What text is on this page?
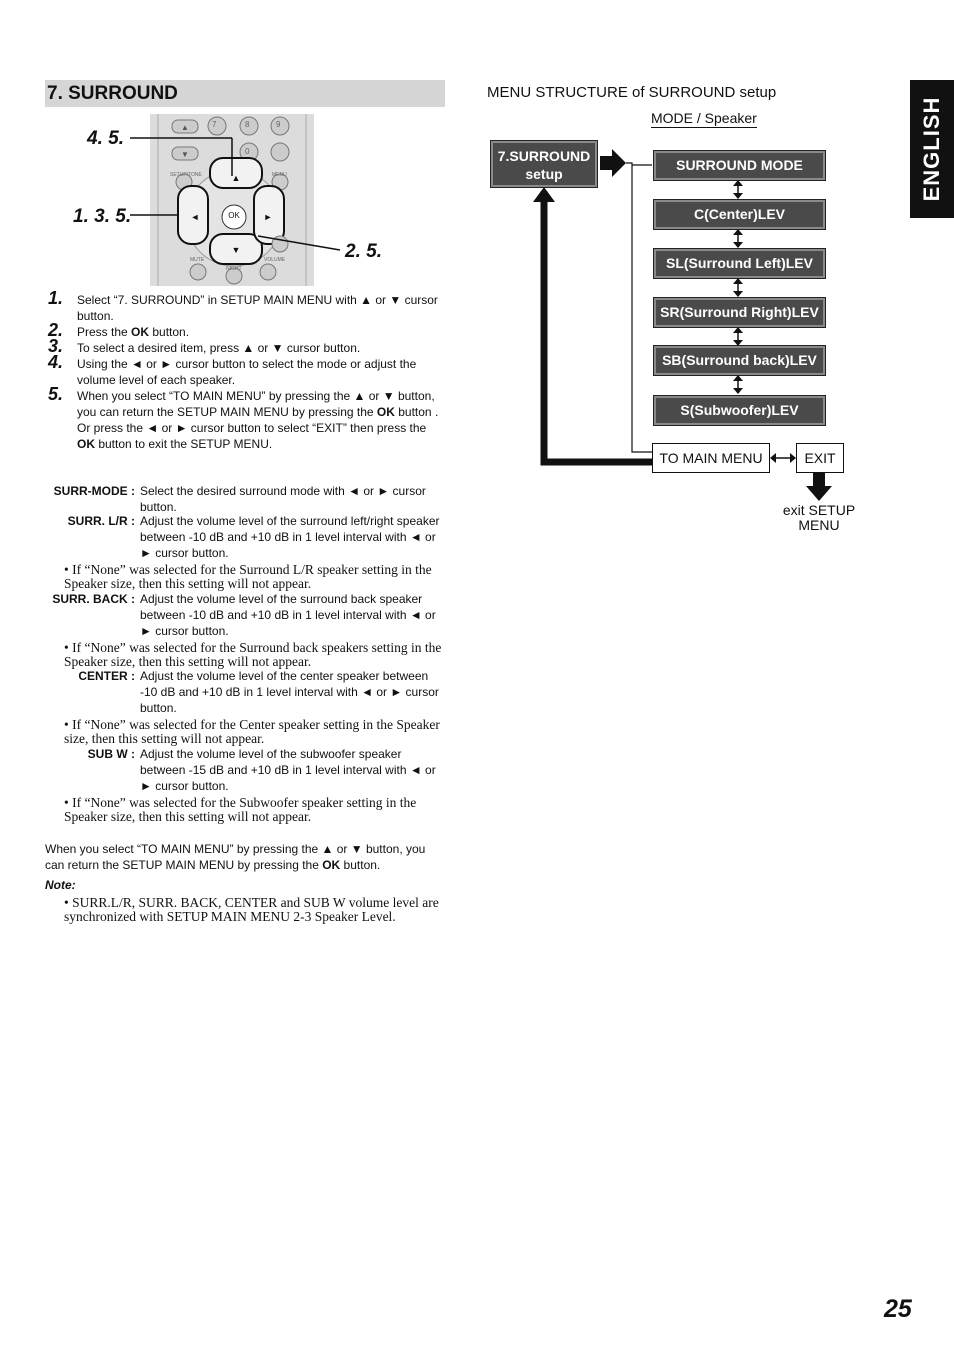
7. SURROUND
ENGLISH
▲
▼
▲
▼
◄	►
OK
7	8	9
0
SETUP/TONE	MENU
MUTE
NIGHT
VOLUME
4. 5.
1. 3. 5.
2. 5.
1. Select “7. SURROUND” in SETUP MAIN MENU with ▲ or ▼ cursor button.
2. Press the OK button.
3. To select a desired item, press ▲ or ▼ cursor button.
4. Using the ◄ or ► cursor button to select the mode or adjust the volume level of each speaker.
5. When you select “TO MAIN MENU” by pressing the ▲ or ▼ button, you can return the SETUP MAIN MENU by pressing the OK button .
Or press the ◄ or ► cursor button to select “EXIT” then press the OK button to exit the SETUP MENU.
SURR-MODE : Select the desired surround mode with ◄ or ► cursor button.
SURR. L/R : Adjust the volume level of the surround left/right speaker between -10 dB and +10 dB in 1 level interval with ◄ or ► cursor button.
• If “None” was selected for the Surround L/R speaker setting in the Speaker size, then this setting will not appear.
SURR. BACK : Adjust the volume level of the surround back speaker between -10 dB and +10 dB in 1 level interval with ◄ or ► cursor button.
• If “None” was selected for the Surround back speakers setting in the Speaker size, then this setting will not appear.
CENTER : Adjust the volume level of the center speaker between -10 dB and +10 dB in 1 level interval with ◄ or ► cursor button.
• If “None” was selected for the Center speaker setting in the Speaker size, then this setting will not appear.
SUB W : Adjust the volume level of the subwoofer speaker between -15 dB and +10 dB in 1 level interval with ◄ or ► cursor button.
• If “None” was selected for the Subwoofer speaker setting in the Speaker size, then this setting will not appear.
When you select “TO MAIN MENU” by pressing the ▲ or ▼ button, you can return the SETUP MAIN MENU by pressing the OK button.
Note:
• SURR.L/R, SURR. BACK, CENTER and SUB W volume level are synchronized with SETUP MAIN MENU 2-3 Speaker Level.
MENU STRUCTURE of SURROUND setup
MODE / Speaker
7.SURROUND
setup
SURROUND MODE
C(Center)LEV
SL(Surround Left)LEV
SR(Surround Right)LEV
SB(Surround back)LEV
S(Subwoofer)LEV
TO MAIN MENU	EXIT
exit SETUP
MENU
25
